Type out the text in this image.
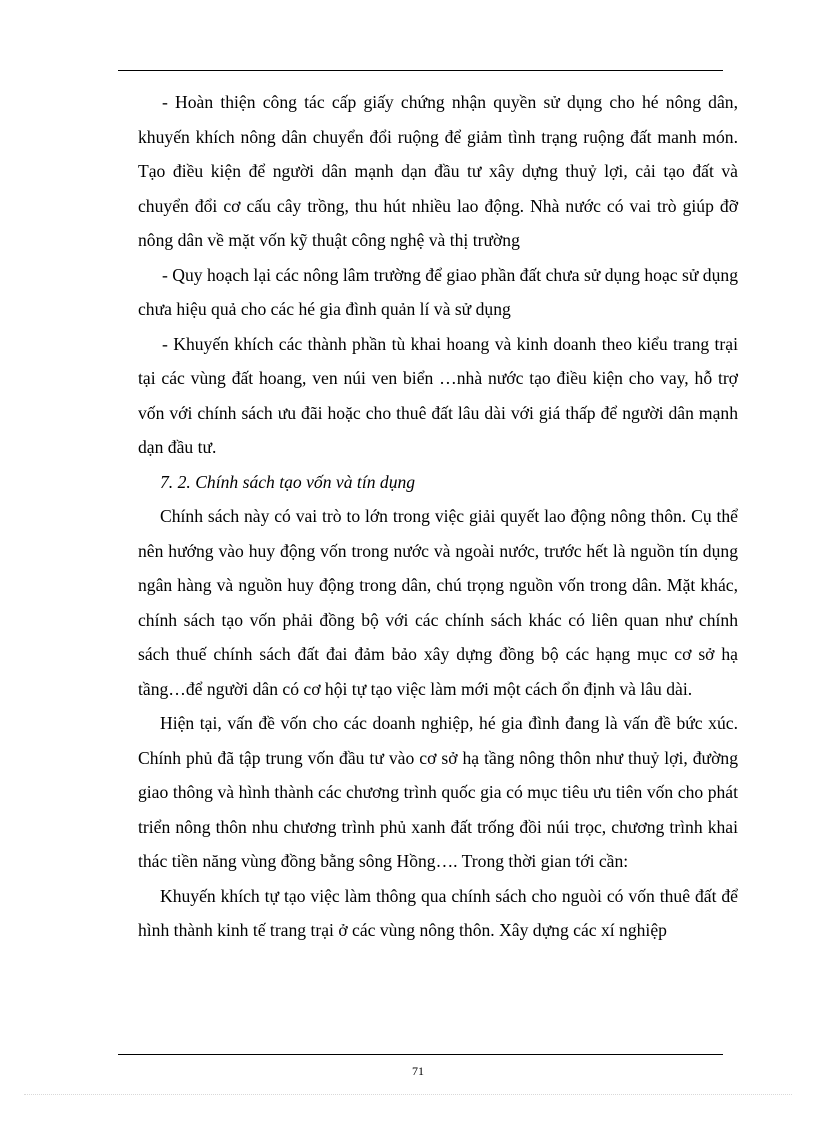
- Hoàn thiện công tác cấp giấy chứng nhận quyền sử dụng cho hé nông dân, khuyến khích nông dân chuyển đổi ruộng để giảm tình trạng ruộng đất manh món. Tạo điều kiện để người dân mạnh dạn đầu tư xây dựng thuỷ lợi, cải tạo đất và chuyển đổi cơ cấu cây trồng, thu hút nhiều lao động. Nhà nước có vai trò giúp đỡ nông dân về mặt vốn kỹ thuật công nghệ và thị trường

- Quy hoạch lại các nông lâm trường để giao phần đất chưa sử dụng hoạc sử dụng chưa hiệu quả cho các hé gia đình quản lí và sử dụng

- Khuyến khích các thành phần tù khai hoang và kinh doanh theo kiểu trang trại tại các vùng đất hoang, ven núi ven biển …nhà nước tạo điều kiện cho vay, hỗ trợ vốn với chính sách ưu đãi hoặc cho thuê đất lâu dài với giá thấp để người dân mạnh dạn đầu tư.

7. 2. Chính sách tạo vốn và tín dụng

Chính sách này có vai trò to lớn trong việc giải quyết lao động nông thôn. Cụ thể nên hướng vào huy động vốn trong nước và ngoài nước, trước hết là nguồn tín dụng ngân hàng và nguồn huy động trong dân, chú trọng nguồn vốn trong dân. Mặt khác, chính sách tạo vốn phải đồng bộ với các chính sách khác có liên quan như chính sách thuế chính sách đất đai đảm bảo xây dựng đồng bộ các hạng mục cơ sở hạ tầng…để người dân có cơ hội tự tạo việc làm mới một cách ổn định và lâu dài.

Hiện tại, vấn đề vốn cho các doanh nghiệp, hé gia đình đang là vấn đề bức xúc. Chính phủ đã tập trung vốn đầu tư vào cơ sở hạ tầng nông thôn như thuỷ lợi, đường giao thông và hình thành các chương trình quốc gia có mục tiêu ưu tiên vốn cho phát triển nông thôn nhu chương trình phủ xanh đất trống đồi núi trọc, chương trình khai thác tiền năng vùng đồng bằng sông Hồng…. Trong thời gian tới cần:

Khuyến khích tự tạo việc làm thông qua chính sách cho nguòi có vốn thuê đất để hình thành kinh tế trang trại ở các vùng nông thôn. Xây dựng các xí nghiệp

71
